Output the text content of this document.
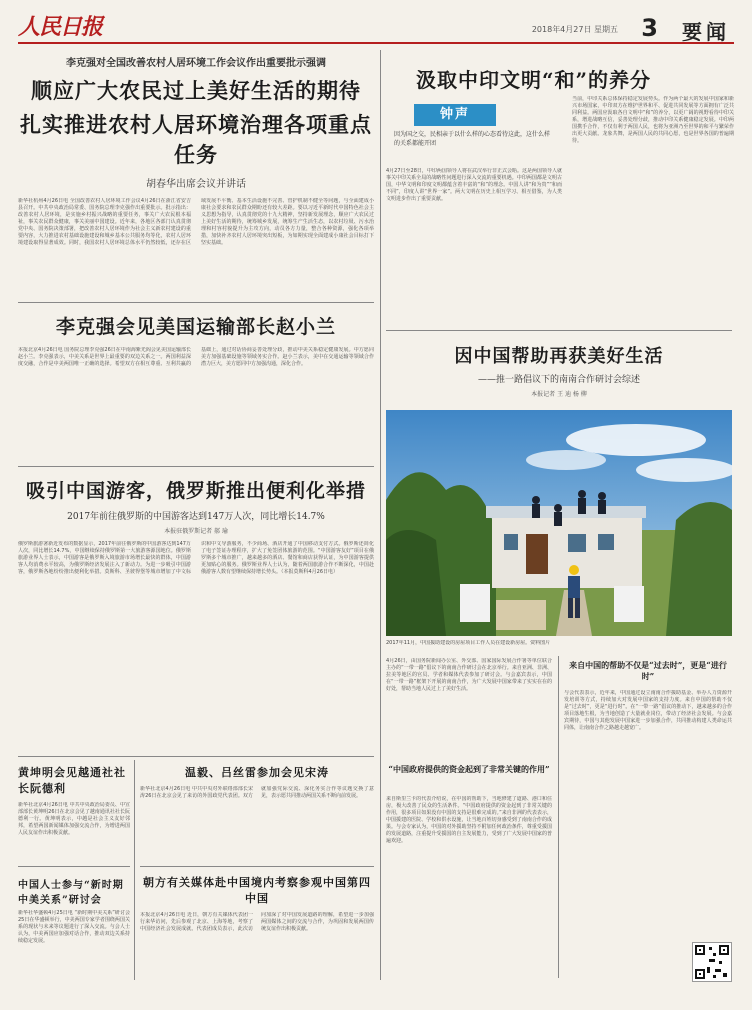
人民日报	2018年4月27日 星期五 3 要闻
李克强对全国改善农村人居环境工作会议作出重要批示强调
顺应广大农民过上美好生活的期待
扎实推进农村人居环境治理各项重点任务
胡春华出席会议并讲话
新华社杭州4月26日电 全国改善农村人居环境工作会议4月26日在浙江省安吉县召开。中共中央政治局常委、国务院总理李克强作出重要批示。批示指出：改善农村人居环境，是实施乡村振兴战略的重要任务，事关广大农民根本福祉，事关农民群众健康，事关美丽中国建设。近年来，各地区各部门认真贯彻党中央、国务院决策部署，把改善农村人居环境作为社会主义新农村建设的重要内容，大力推进农村基础设施建设和城乡基本公共服务均等化，农村人居环境建设取得显著成效。同时，我国农村人居环境总体水平仍然较低，还存在区域发展不平衡、基本生活设施不完善、管护机制不健全等问题，与全面建成小康社会要求和农民群众期盼还有较大差距。要以习近平新时代中国特色社会主义思想为指导，认真贯彻党的十九大精神，坚持新发展理念，顺应广大农民过上美好生活的期待，统筹城乡发展，统筹生产生活生态，以农村垃圾、污水治理和村容村貌提升为主攻方向，动员各方力量，整合各种资源，强化各项举措，加快补齐农村人居环境突出短板，为如期实现全面建成小康社会目标打下坚实基础。
李克强会见美国运输部长赵小兰
本报北京4月26日电 国务院总理李克强26日在中南海紫光阁会见美国运输部长赵小兰。李克强表示，中美关系是世界上最重要的双边关系之一。两国利益深度交融，合作是中美两国唯一正确的选择。希望双方在相互尊重、互利共赢的基础上，通过对话协商妥善处理分歧，推动中美关系稳定健康发展。中方愿同美方加强基础设施等领域务实合作。赵小兰表示，美中在交通运输等领域合作潜力巨大，美方愿同中方加强沟通，深化合作。
吸引中国游客，俄罗斯推出便利化举措
2017年前往俄罗斯的中国游客达到147万人次，同比增长14.7%
本报驻俄罗斯记者 郝 瑜
俄罗斯旅游署新近发布的数据显示，2017年前往俄罗斯的中国游客达到147万人次，同比增长14.7%，中国继续保持俄罗斯第一大旅游客源国地位。俄罗斯旅游业界人士表示，中国游客是俄罗斯入境旅游市场增长最快的群体，中国游客人均消费水平较高，为俄罗斯经济发展注入了新动力。为进一步吸引中国游客，俄罗斯各地纷纷推出便利化举措。莫斯科、圣彼得堡等城市增加了中文标识和中文导游服务，不少商场、酒店开通了中国移动支付方式。俄罗斯还简化了电子签证办理程序，扩大了免签团体旅游的范围。“中国游客友好”项目在俄罗斯多个城市推广，越来越多的酒店、餐馆和商店获得认证，为中国游客提供更加贴心的服务。俄罗斯业界人士认为，随着两国旅游合作不断深化，中国赴俄游客人数有望继续保持增长势头。（本报莫斯科4月26日电）
黄坤明会见越通社社长阮德利
新华社北京4月26日电 中共中央政治局委员、中宣部部长黄坤明26日在北京会见了越南通讯社社长阮德利一行。黄坤明表示，中越是社会主义友好邻邦，希望两国新闻媒体加强交流合作，为增进两国人民友谊作出积极贡献。
中国人士参与“新时期中美关系”研讨会
新华社华盛顿4月25日电 “新时期中美关系”研讨会25日在华盛顿举行，中美两国专家学者围绕两国关系的现状与未来等议题进行了深入交流。与会人士认为，中美两国应加强对话合作，推动双边关系持续稳定发展。
温毅、吕丝雷参加会见宋涛
新华社北京4月26日电 中共中央对外联络部部长宋涛26日在北京会见了来访的外国政党代表团。双方就加强党际交流、深化务实合作等议题交换了意见，表示愿共同推动两国关系不断向前发展。
朝方有关媒体赴中国境内考察参观中国第四中国
本报北京4月26日电 近日，朝方有关媒体代表团一行来华访问，先后参观了北京、上海等地，考察了中国经济社会发展成就。代表团成员表示，此次访问加深了对中国发展道路的理解，希望进一步加强两国媒体之间的交流与合作，为巩固和发展两国传统友谊作出积极贡献。
汲取中印文明“和”的养分
钟声
因为国之交，民相亲于以什么样的心态看待这此，这什么样的关系都能开团
4月27日至28日，中印两国领导人将在武汉举行非正式会晤。这是两国领导人就事关中印关系全局的战略性问题进行深入交流的重要机遇。中印两国都是文明古国，中华文明和印度文明都蕴含着丰富的“和”的理念。中国人讲“和为贵”“和而不同”，印度人讲“世界一家”。两大文明在历史上相互学习、相互借鉴，为人类文明进步作出了重要贡献。
当前，中印关系总体保持稳定发展势头。作为两个最大的发展中国家和新兴市场国家，中印双方在维护世界和平、促进共同发展等方面拥有广泛共同利益。两国应汲取各自文明中“和”的养分，以更广阔的视野看待中印关系，增进战略互信，妥善处理分歧，推动中印关系健康稳定发展。中印两国携手合作，不仅有利于两国人民，也将为亚洲乃至世界的和平与繁荣作出更大贡献。龙象共舞，是两国人民的共同心愿，也是世界各国的普遍期待。
因中国帮助再获美好生活
——推一路倡议下的南南合作研讨会综述
本报记者 王 迪 杨 柳
2017年11月，中国援助建设的房屋项目工作人员在建设新房屋。资料图片
4月26日，由国务院新闻办公室、外交部、国家国际发展合作署等单位联合主办的“一带一路”倡议下的南南合作研讨会在北京举行。来自亚洲、非洲、拉美等地区的官员、学者和媒体代表参加了研讨会。与会嘉宾表示，中国在“一带一路”框架下开展的南南合作，为广大发展中国家带来了实实在在的好处，帮助当地人民过上了美好生活。
“中国政府提供的资金起到了非常关键的作用”
来自斯里兰卡的代表介绍说，在中国的帮助下，当地修建了道路、港口和住房，极大改善了民众的生活条件。“中国政府提供的资金起到了非常关键的作用，很多项目如果没有中国的支持是很难完成的。”来自非洲的代表表示，中国援建的医院、学校和供水设施，让当地百姓切身感受到了南南合作的成果。与会专家认为，中国的对外援助坚持不附加任何政治条件，尊重受援国的发展道路，注重提升受援国的自主发展能力，受到了广大发展中国家的普遍欢迎。
来自中国的帮助不仅是“过去时”，更是“进行时”
与会代表表示，近年来，中国通过设立南南合作援助基金、举办人力资源开发培训等方式，持续加大对发展中国家的支持力度。来自中国的帮助不仅是“过去时”，更是“进行时”。在“一带一路”倡议的推动下，越来越多的合作项目落地生根，为当地创造了大量就业岗位，带动了经济社会发展。与会嘉宾期待，中国与其他发展中国家进一步加强合作，共同推动构建人类命运共同体，让南南合作之路越走越宽广。
